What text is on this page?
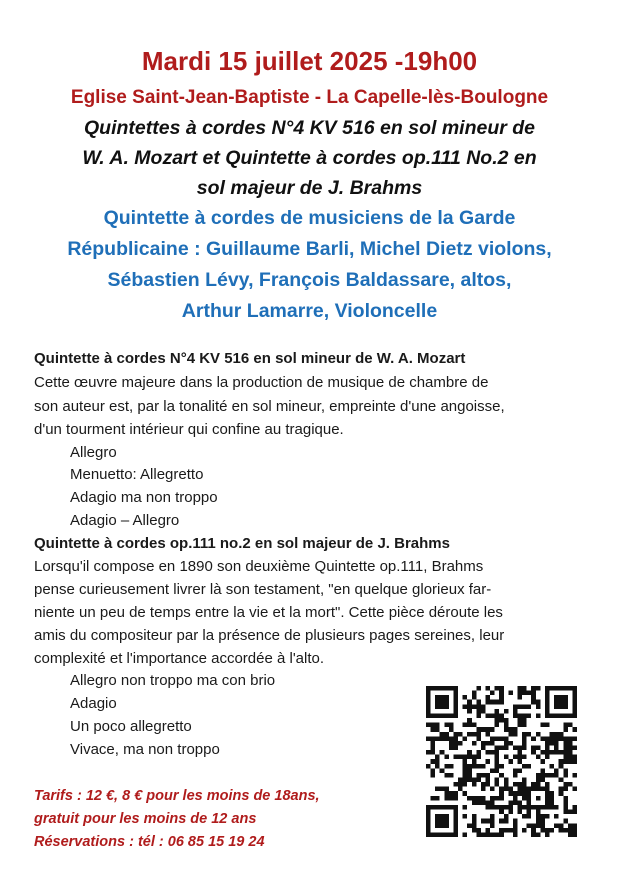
Mardi 15 juillet 2025 -19h00
Eglise Saint-Jean-Baptiste - La Capelle-lès-Boulogne
Quintettes à cordes N°4 KV 516 en sol mineur de
W. A. Mozart et Quintette à cordes op.111 No.2 en
sol majeur de J. Brahms
Quintette à cordes de musiciens de la Garde
Républicaine : Guillaume Barli, Michel Dietz violons,
Sébastien Lévy, François Baldassare, altos,
Arthur Lamarre, Violoncelle
Quintette à cordes N°4 KV 516 en sol mineur de W. A. Mozart
Cette œuvre majeure dans la production de musique de chambre de
son auteur est, par la tonalité en sol mineur, empreinte d'une angoisse,
d'un tourment intérieur qui confine au tragique.
Allegro
Menuetto: Allegretto
Adagio ma non troppo
Adagio – Allegro
Quintette à cordes op.111 no.2 en sol majeur de J. Brahms
Lorsqu'il compose en 1890 son deuxième Quintette op.111, Brahms
pense curieusement livrer là son testament, "en quelque glorieux far-
niente un peu de temps entre la vie et la mort". Cette pièce déroute les
amis du compositeur par la présence de plusieurs pages sereines, leur
complexité et l'importance accordée à l'alto.
Allegro non troppo ma con brio
Adagio
Un poco allegretto
Vivace, ma non troppo
Tarifs : 12 €, 8 € pour les moins de 18ans,
gratuit pour les moins de 12 ans
Réservations : tél : 06 85 15 19 24
